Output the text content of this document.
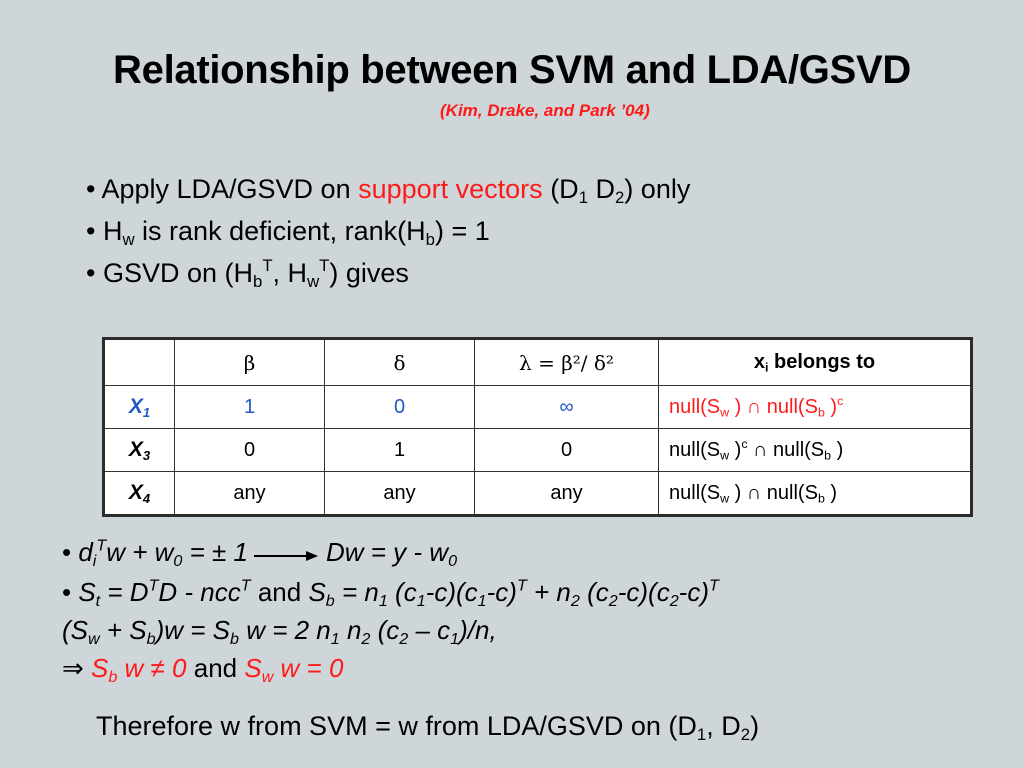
Relationship between SVM and LDA/GSVD
(Kim, Drake, and Park ’04)
• Apply LDA/GSVD on support vectors ($D_1$ $D_2$) only
• $H_w$ is rank deficient, $rank(H_b) = 1$
• GSVD on ($H_b^T$, $H_w^T$) gives
	β	δ	λ = β²/ δ²	$x_i$ belongs to
$X_1$	1	0	∞	$null(S_w$ ) ∩ $null(S_b$ )$^c$
$X_3$	0	1	0	$null(S_w$ )$^c$ ∩ $null(S_b$ )
$X_4$	any	any	any	$null(S_w$ ) ∩ $null(S_b$ )
• $d_i^Tw + w_0$ = ± 1	$Dw = y - w_0$
• $S_t = D^TD - ncc^T$ and $S_b = n_1$ $(c_1-c)(c_1-c)^T + n_2$ $(c_2-c)(c_2-c)^T$
$(S_w + S_b)w = S_b$ w = 2 $n_1$ $n_2$ $(c_2 - c_1)/n$,
⇒ $S_b$ w ≠ 0 and $S_w$ w = 0
Therefore w from SVM = w from LDA/GSVD on ($D_1$, $D_2$)
